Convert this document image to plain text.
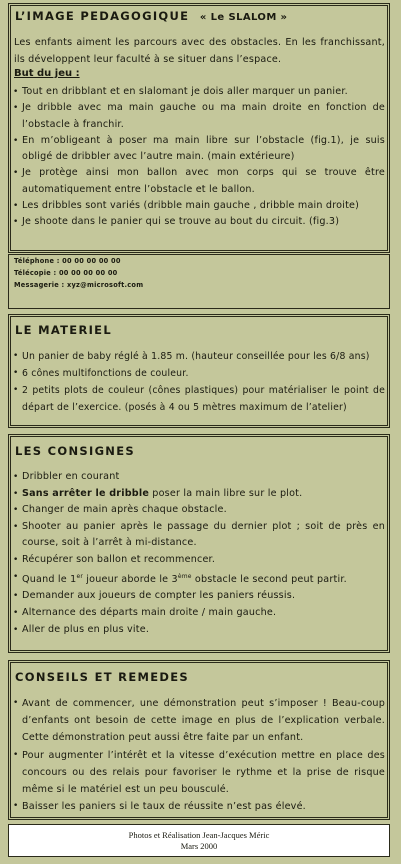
L’IMAGE PEDAGOGIQUE « Le SLALOM »

Les enfants aiment les parcours avec des obstacles. En les franchissant, ils développent leur faculté à se situer dans l’espace.

But du jeu :

• Tout en dribblant et en slalomant je dois aller marquer un panier.
• Je dribble avec ma main gauche ou ma main droite en fonction de l’obstacle à franchir.
• En m’obligeant à poser ma main libre sur l’obstacle (fig.1), je suis obligé de dribbler avec l’autre main. (main extérieure)
• Je protège ainsi mon ballon avec mon corps qui se trouve être automatiquement entre l’obstacle et le ballon.
• Les dribbles sont variés (dribble main gauche , dribble main droite)
• Je shoote dans le panier qui se trouve au bout du circuit. (fig.3)

Téléphone : 00 00 00 00 00

Télécopie : 00 00 00 00 00

Messagerie : xyz@microsoft.com

LE MATERIEL
• Un panier de baby réglé à 1.85 m. (hauteur conseillée pour les 6/8 ans)
• 6 cônes multifonctions de couleur.
• 2 petits plots de couleur (cônes plastiques) pour matérialiser le point de départ de l’exercice. (posés à 4 ou 5 mètres maximum de l’atelier)
LES CONSIGNES
• Dribbler en courant
• Sans arrêter le dribble poser la main libre sur le plot.
• Changer de main après chaque obstacle.
• Shooter au panier après le passage du dernier plot ; soit de près en course, soit à l’arrêt à mi-distance.
• Récupérer son ballon et recommencer.
• Quand le 1er joueur aborde le 3ème obstacle le second peut partir.
• Demander aux joueurs de compter les paniers réussis.
• Alternance des départs main droite / main gauche.
• Aller de plus en plus vite.
CONSEILS ET REMEDES
• Avant de commencer, une démonstration peut s’imposer ! Beau-coup d’enfants ont besoin de cette image en plus de l’explication verbale. Cette démonstration peut aussi être faite par un enfant.
• Pour augmenter l’intérêt et la vitesse d’exécution mettre en place des concours ou des relais pour favoriser le rythme et la prise de risque même si le matériel est un peu bousculé.
• Baisser les paniers si le taux de réussite n’est pas élevé.
Photos et Réalisation Jean-Jacques Méric
Mars 2000
